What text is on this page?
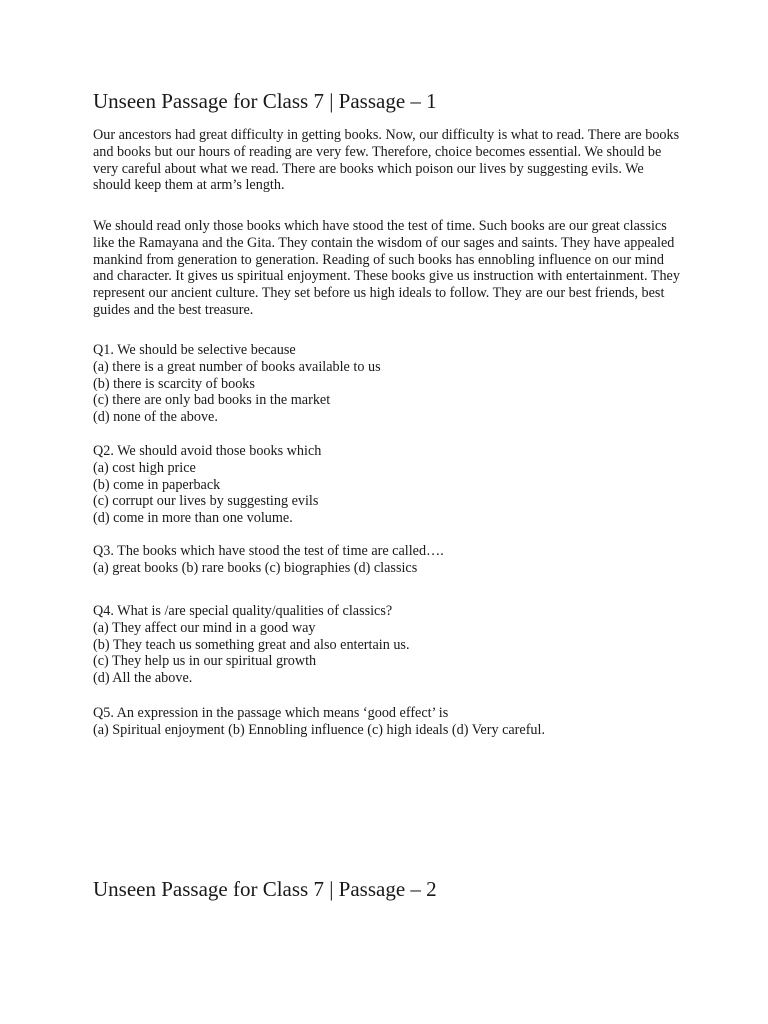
Unseen Passage for Class 7 | Passage – 1

Our ancestors had great difficulty in getting books. Now, our difficulty is what to read. There are books and books but our hours of reading are very few. Therefore, choice becomes essential. We should be very careful about what we read. There are books which poison our lives by suggesting evils. We should keep them at arm’s length.

We should read only those books which have stood the test of time. Such books are our great classics like the Ramayana and the Gita. They contain the wisdom of our sages and saints. They have appealed mankind from generation to generation. Reading of such books has ennobling influence on our mind and character. It gives us spiritual enjoyment. These books give us instruction with entertainment. They represent our ancient culture. They set before us high ideals to follow. They are our best friends, best guides and the best treasure.

Q1. We should be selective because
(a) there is a great number of books available to us
(b) there is scarcity of books
(c) there are only bad books in the market
(d) none of the above.
Q2. We should avoid those books which
(a) cost high price
(b) come in paperback
(c) corrupt our lives by suggesting evils
(d) come in more than one volume.
Q3. The books which have stood the test of time are called….
(a) great books (b) rare books (c) biographies (d) classics
Q4. What is /are special quality/qualities of classics?
(a) They affect our mind in a good way
(b) They teach us something great and also entertain us.
(c) They help us in our spiritual growth
(d) All the above.
Q5. An expression in the passage which means ‘good effect’ is
(a) Spiritual enjoyment (b) Ennobling influence (c) high ideals (d) Very careful.
Unseen Passage for Class 7 | Passage – 2
